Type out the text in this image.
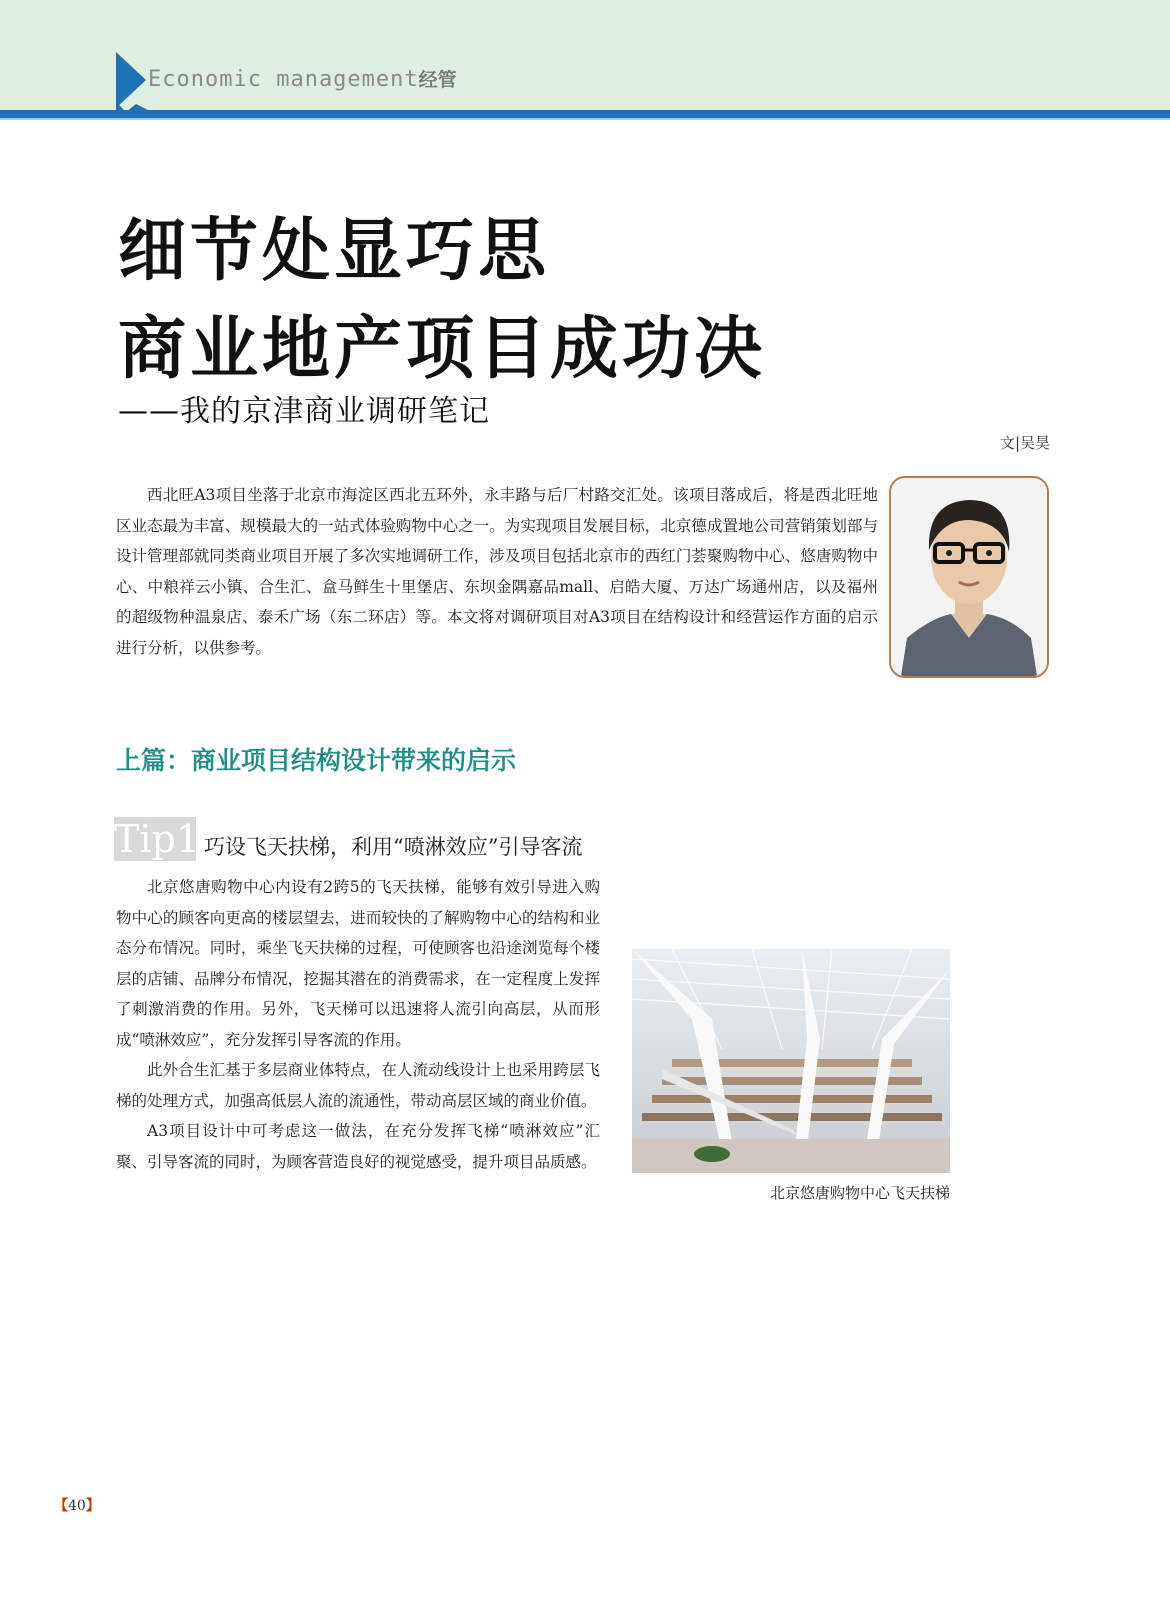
Economic management经管
细节处显巧思
商业地产项目成功决
——我的京津商业调研笔记
文|吴昊

西北旺A3项目坐落于北京市海淀区西北五环外，永丰路与后厂村路交汇处。该项目落成后，将是西北旺地区业态最为丰富、规模最大的一站式体验购物中心之一。为实现项目发展目标，北京德成置地公司营销策划部与设计管理部就同类商业项目开展了多次实地调研工作，涉及项目包括北京市的西红门荟聚购物中心、悠唐购物中心、中粮祥云小镇、合生汇、盒马鲜生十里堡店、东坝金隅嘉品mall、启皓大厦、万达广场通州店，以及福州的超级物种温泉店、泰禾广场（东二环店）等。本文将对调研项目对A3项目在结构设计和经营运作方面的启示进行分析，以供参考。

上篇：商业项目结构设计带来的启示
Tip1 巧设飞天扶梯，利用“喷淋效应”引导客流

北京悠唐购物中心内设有2跨5的飞天扶梯，能够有效引导进入购物中心的顾客向更高的楼层望去，进而较快的了解购物中心的结构和业态分布情况。同时，乘坐飞天扶梯的过程，可使顾客也沿途浏览每个楼层的店铺、品牌分布情况，挖掘其潜在的消费需求，在一定程度上发挥了刺激消费的作用。另外，飞天梯可以迅速将人流引向高层，从而形成“喷淋效应”，充分发挥引导客流的作用。

此外合生汇基于多层商业体特点，在人流动线设计上也采用跨层飞梯的处理方式，加强高低层人流的流通性，带动高层区域的商业价值。

A3项目设计中可考虑这一做法，在充分发挥飞梯“喷淋效应”汇聚、引导客流的同时，为顾客营造良好的视觉感受，提升项目品质感。

北京悠唐购物中心飞天扶梯
【40】
